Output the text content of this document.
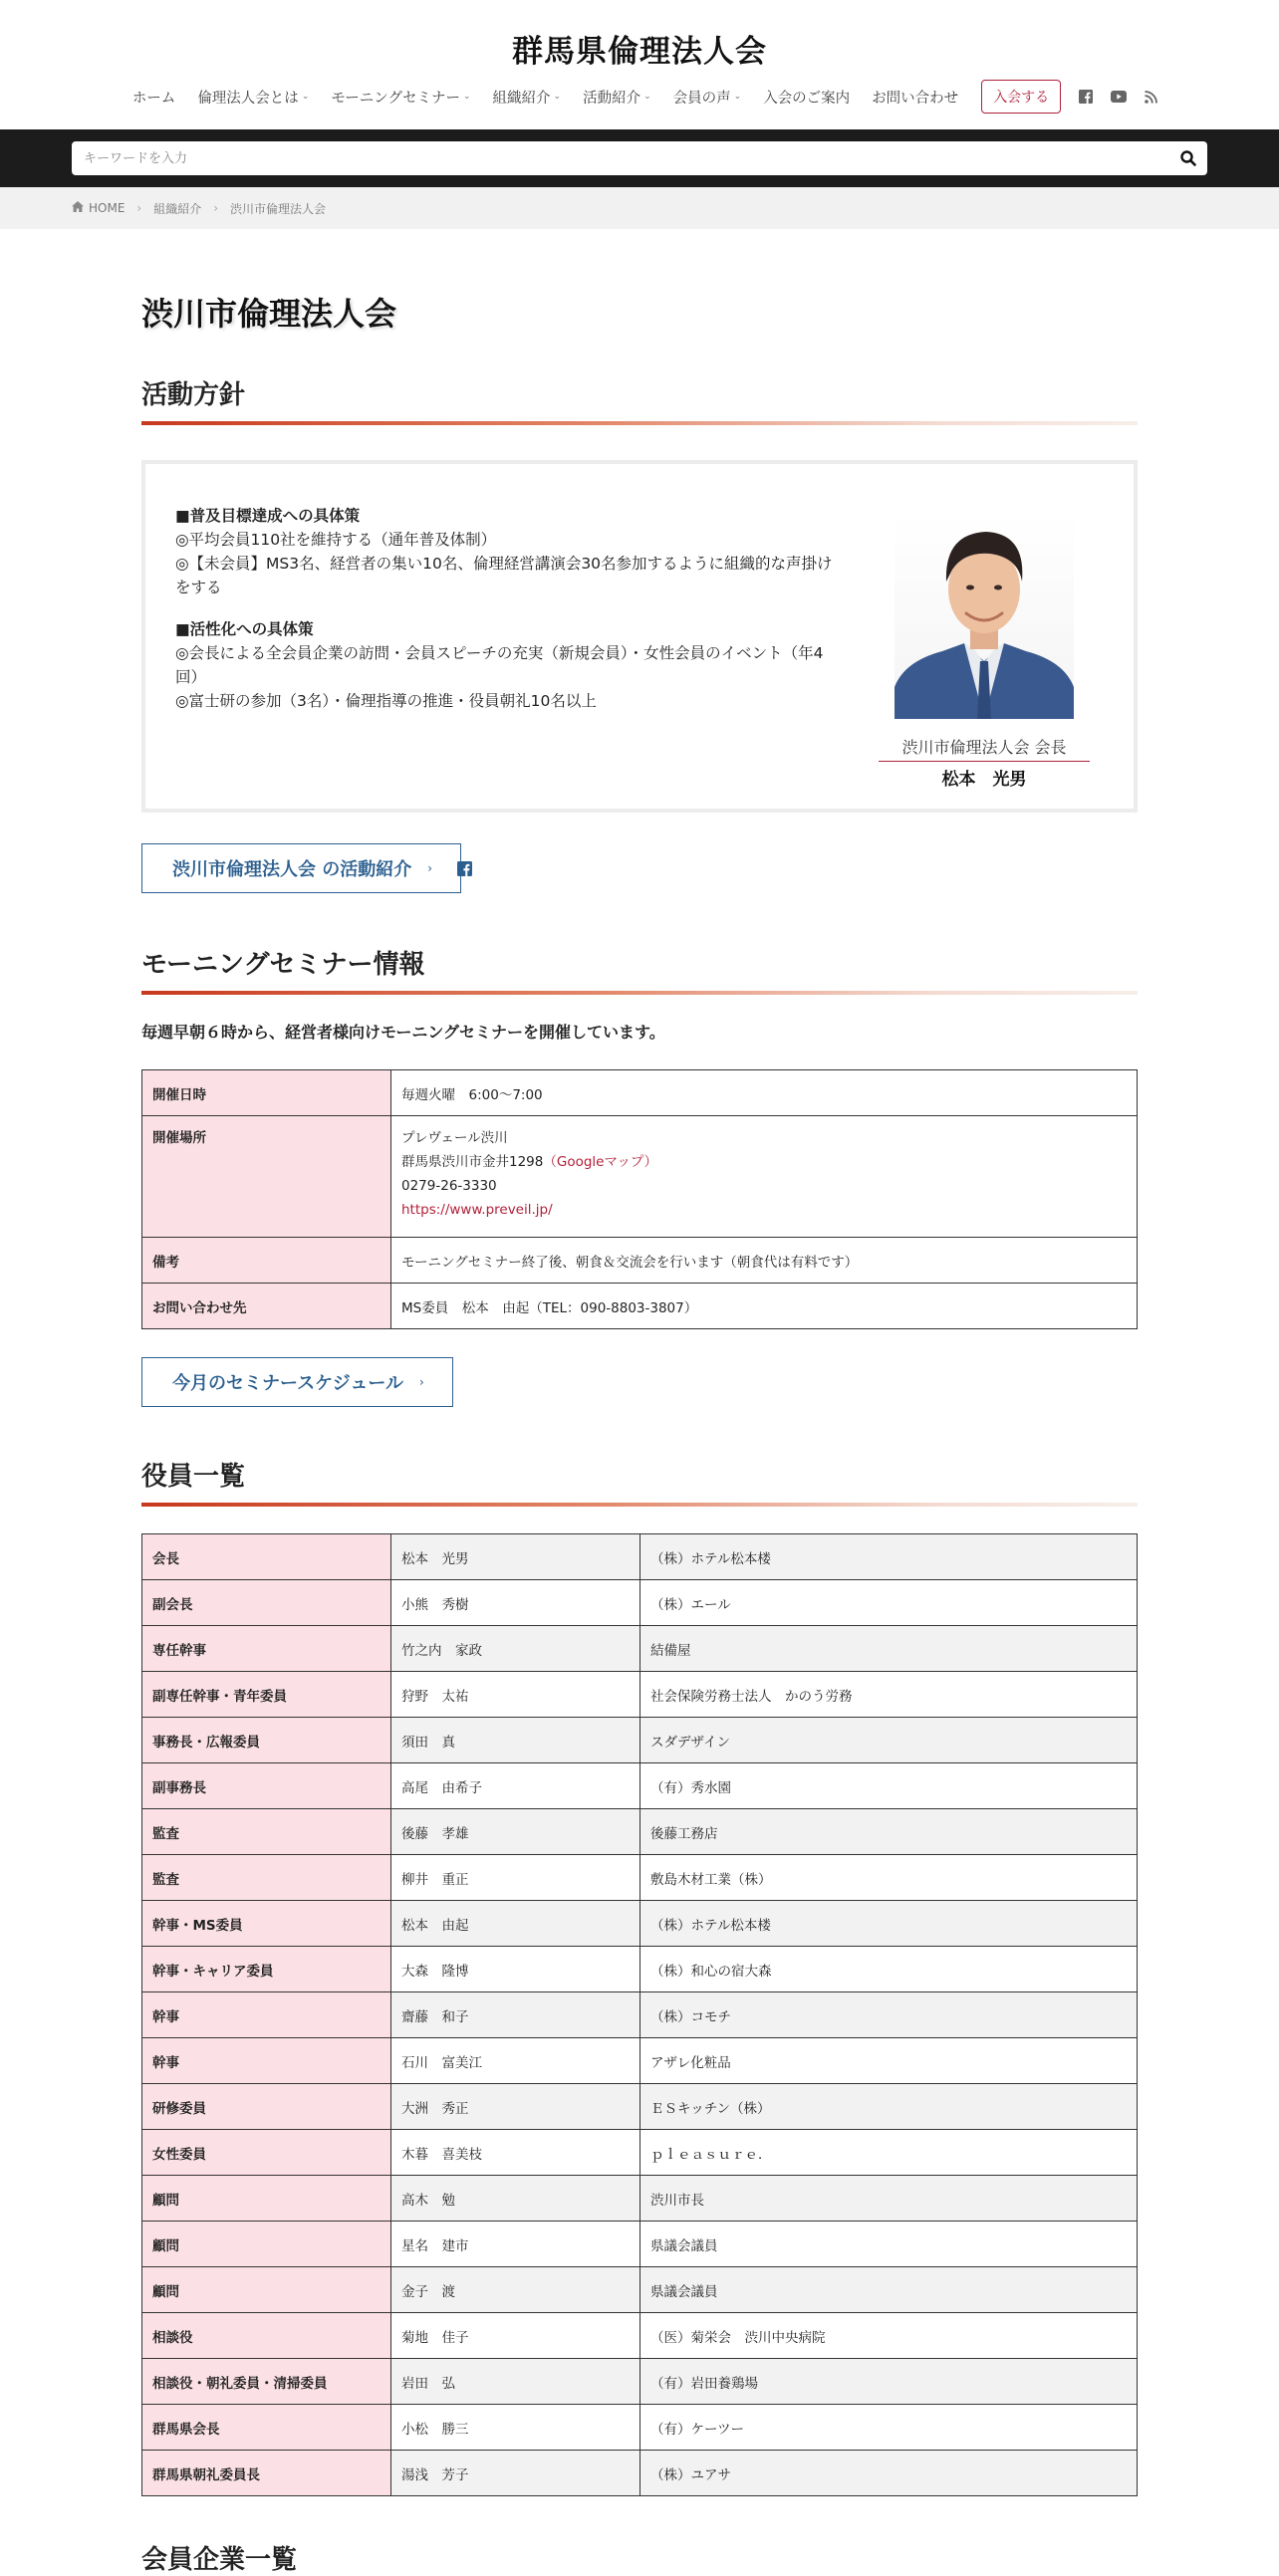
群馬県倫理法人会
ホーム 倫理法人会とは ⌄ モーニングセミナー ⌄ 組織紹介 ⌄ 活動紹介 ⌄ 会員の声 ⌄ 入会のご案内 お問い合わせ	入会する
キーワードを入力
HOME › 組織紹介 › 渋川市倫理法人会
渋川市倫理法人会
活動方針
■普及目標達成への具体策
◎平均会員110社を維持する（通年普及体制）
◎【未会員】MS3名、経営者の集い10名、倫理経営講演会30名参加するように組織的な声掛けをする
■活性化への具体策
◎会長による全会員企業の訪問・会員スピーチの充実（新規会員）・女性会員のイベント（年4回）
◎富士研の参加（3名）・倫理指導の推進・役員朝礼10名以上
渋川市倫理法人会 会長
松本　光男
渋川市倫理法人会 の活動紹介 ›
モーニングセミナー情報

毎週早朝６時から、経営者様向けモーニングセミナーを開催しています。

開催日時	毎週火曜　6:00～7:00
開催場所	プレヴェール渋川
群馬県渋川市金井1298（Googleマップ）
0279-26-3330
https://www.preveil.jp/
備考	モーニングセミナー終了後、朝食＆交流会を行います（朝食代は有料です）
お問い合わせ先	MS委員　松本　由起（TEL：090-8803-3807）
今月のセミナースケジュール ›
役員一覧
会長	松本　光男	（株）ホテル松本楼
副会長	小熊　秀樹	（株）エール
専任幹事	竹之内　家政	結備屋
副専任幹事・青年委員	狩野　太祐	社会保険労務士法人　かのう労務
事務長・広報委員	須田　真	スダデザイン
副事務長	高尾　由希子	（有）秀水園
監査	後藤　孝雄	後藤工務店
監査	柳井　重正	敷島木材工業（株）
幹事・MS委員	松本　由起	（株）ホテル松本楼
幹事・キャリア委員	大森　隆博	（株）和心の宿大森
幹事	齋藤　和子	（株）コモチ
幹事	石川　富美江	アザレ化粧品
研修委員	大洲　秀正	ＥＳキッチン（株）
女性委員	木暮　喜美枝	ｐｌｅａｓｕｒｅ．
顧問	高木　勉	渋川市長
顧問	星名　建市	県議会議員
顧問	金子　渡	県議会議員
相談役	菊地　佳子	（医）菊栄会　渋川中央病院
相談役・朝礼委員・清掃委員	岩田　弘	（有）岩田養鶏場
群馬県会長	小松　勝三	（有）ケーツー
群馬県朝礼委員長	湯浅　芳子	（株）ユアサ
会員企業一覧
